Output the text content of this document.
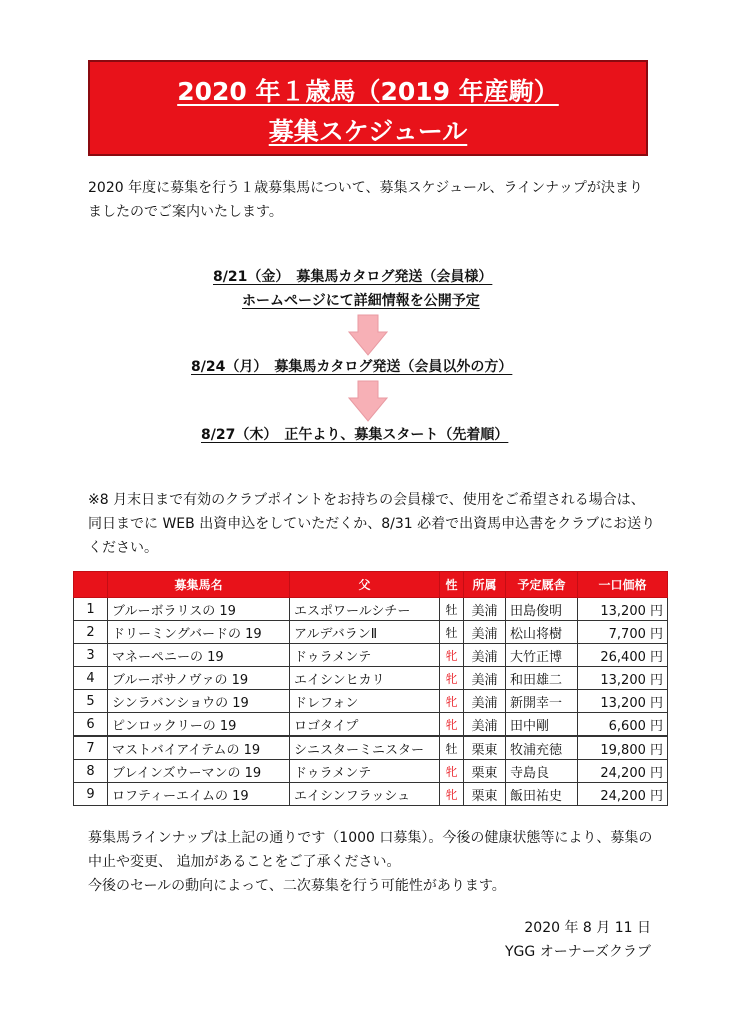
2020 年１歳馬（2019 年産駒）
募集スケジュール
2020 年度に募集を行う１歳募集馬について、募集スケジュール、ラインナップが決まりましたのでご案内いたします。
8/21（金）　募集馬カタログ発送（会員様）
ホームページにて詳細情報を公開予定
8/24（月）　募集馬カタログ発送（会員以外の方）
8/27（木）　正午より、募集スタート（先着順）
※8 月末日まで有効のクラブポイントをお持ちの会員様で、使用をご希望される場合は、同日までに WEB 出資申込をしていただくか、8/31 必着で出資馬申込書をクラブにお送りください。
	募集馬名	父	性	所属	予定厩舎	一口価格
1	ブルーボラリスの 19	エスポワールシチー	牡	美浦	田島俊明	13,200 円
2	ドリーミングバードの 19	アルデバランⅡ	牡	美浦	松山将樹	7,700 円
3	マネーペニーの 19	ドゥラメンテ	牝	美浦	大竹正博	26,400 円
4	ブルーボサノヴァの 19	エイシンヒカリ	牝	美浦	和田雄二	13,200 円
5	シンラバンショウの 19	ドレフォン	牝	美浦	新開幸一	13,200 円
6	ピンロックリーの 19	ロゴタイプ	牝	美浦	田中剛	6,600 円
7	マストバイアイテムの 19	シニスターミニスター	牡	栗東	牧浦充徳	19,800 円
8	ブレインズウーマンの 19	ドゥラメンテ	牝	栗東	寺島良	24,200 円
9	ロフティーエイムの 19	エイシンフラッシュ	牝	栗東	飯田祐史	24,200 円
募集馬ラインナップは上記の通りです（1000 口募集）。今後の健康状態等により、募集の中止や変更、 追加があることをご了承ください。
今後のセールの動向によって、二次募集を行う可能性があります。
2020 年 8 月 11 日
YGG オーナーズクラブ
